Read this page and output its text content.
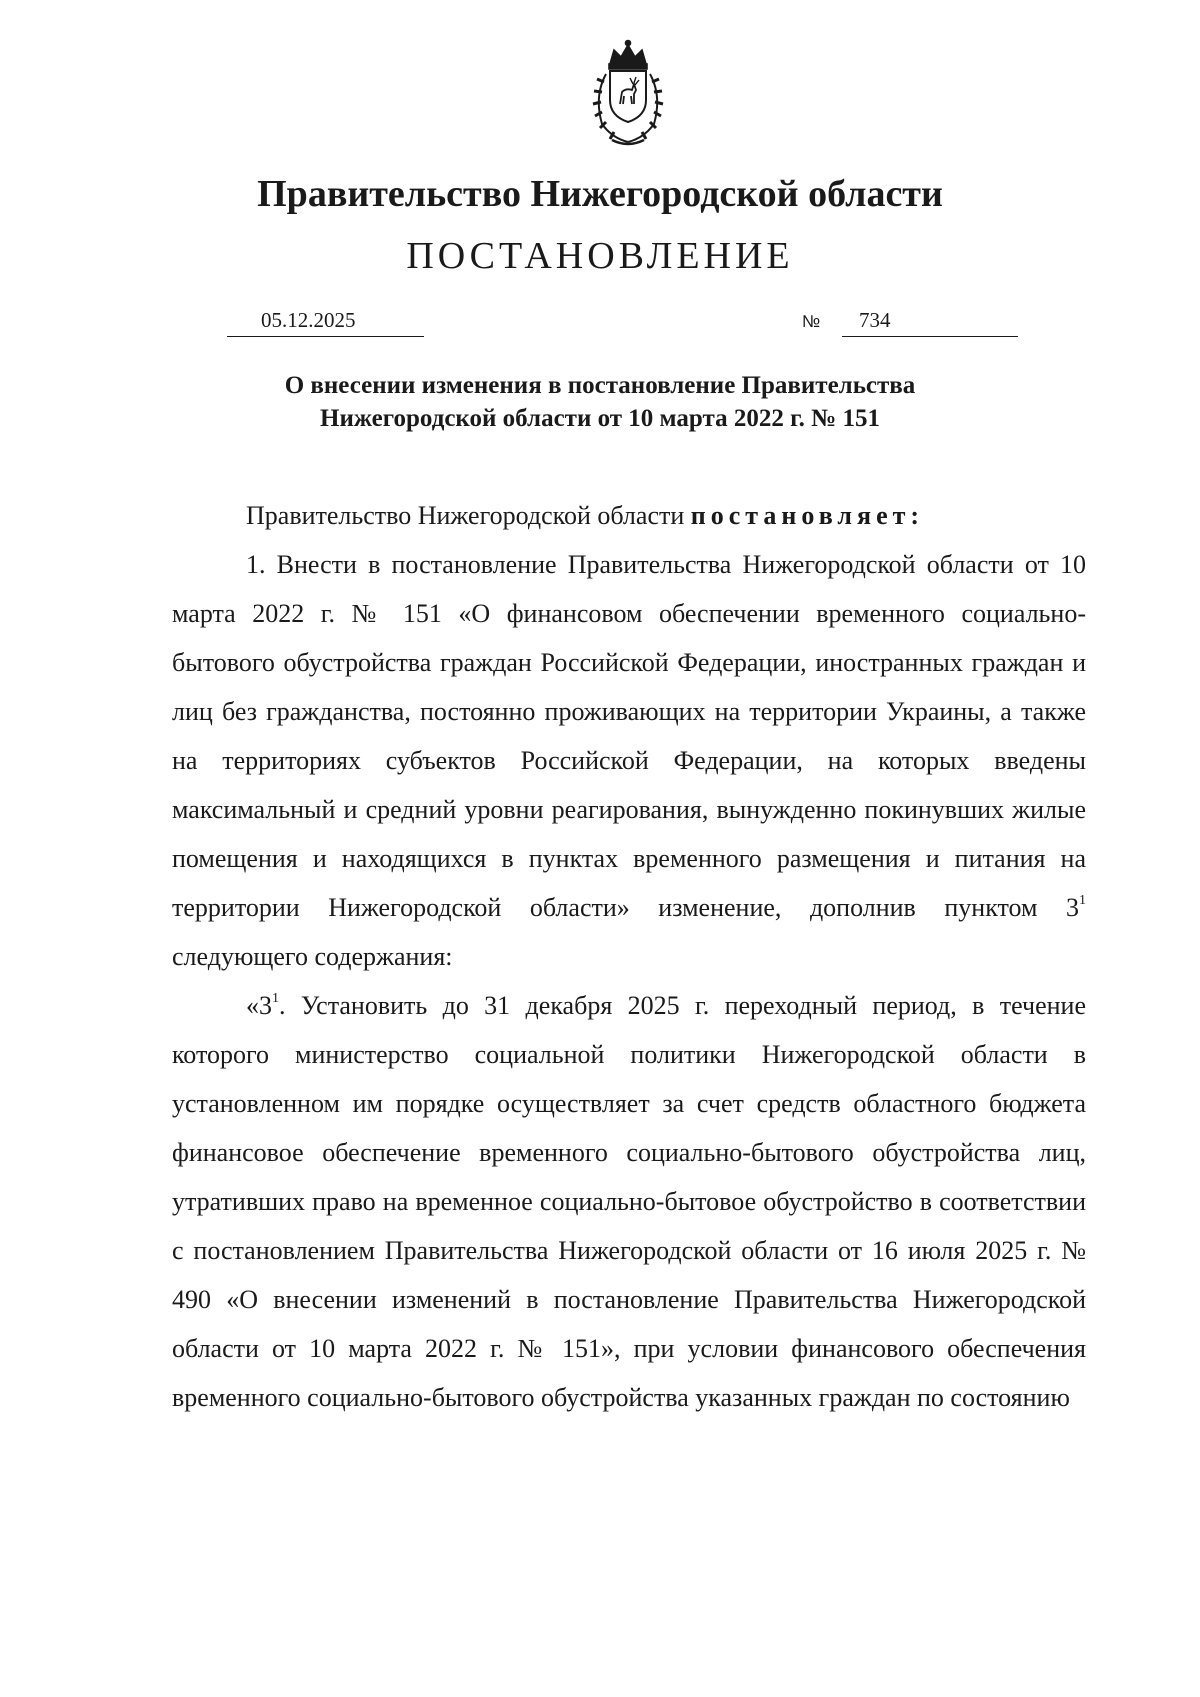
Правительство Нижегородской области
ПОСТАНОВЛЕНИЕ
05.12.2025	№	734
О внесении изменения в постановление Правительства
Нижегородской области от 10 марта 2022 г. № 151

Правительство Нижегородской области постановляет:

1. Внести в постановление Правительства Нижегородской области от 10 марта 2022 г. № 151 «О финансовом обеспечении временного социально-бытового обустройства граждан Российской Федерации, иностранных граждан и лиц без гражданства, постоянно проживающих на территории Украины, а также на территориях субъектов Российской Федерации, на которых введены максимальный и средний уровни реагирования, вынужденно покинувших жилые помещения и находящихся в пунктах временного размещения и питания на территории Нижегородской области» изменение, дополнив пунктом $3^1$ следующего содержания:

«$3^1$. Установить до 31 декабря 2025 г. переходный период, в течение которого министерство социальной политики Нижегородской области в установленном им порядке осуществляет за счет средств областного бюджета финансовое обеспечение временного социально-бытового обустройства лиц, утративших право на временное социально-бытовое обустройство в соответствии с постановлением Правительства Нижегородской области от 16 июля 2025 г. № 490 «О внесении изменений в постановление Правительства Нижегородской области от 10 марта 2022 г. № 151», при условии финансового обеспечения временного социально-бытового обустройства указанных граждан по состоянию
